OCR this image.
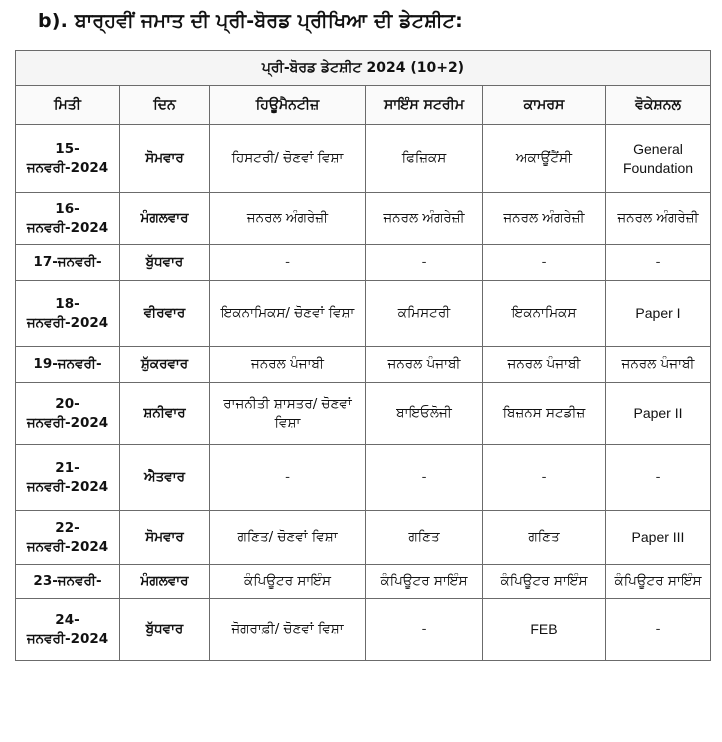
b). ਬਾਰ੍ਹਵੀਂ ਜਮਾਤ ਦੀ ਪ੍ਰੀ-ਬੋਰਡ ਪ੍ਰੀਖਿਆ ਦੀ ਡੇਟਸ਼ੀਟ:
ਪ੍ਰੀ-ਬੋਰਡ ਡੇਟਸ਼ੀਟ 2024 (10+2)					
ਮਿਤੀ	ਦਿਨ	ਹਿਊਮੈਨਟੀਜ਼	ਸਾਇੰਸ ਸਟਰੀਮ	ਕਾਮਰਸ	ਵੋਕੇਸ਼ਨਲ
15-ਜਨਵਰੀ-2024	ਸੋਮਵਾਰ	ਹਿਸਟਰੀ/ ਚੋਣਵਾਂ ਵਿਸ਼ਾ	ਫਿਜ਼ਿਕਸ	ਅਕਾਊਂਟੈਂਸੀ	General Foundation
16-ਜਨਵਰੀ-2024	ਮੰਗਲਵਾਰ	ਜਨਰਲ ਅੰਗਰੇਜ਼ੀ	ਜਨਰਲ ਅੰਗਰੇਜ਼ੀ	ਜਨਰਲ ਅੰਗਰੇਜ਼ੀ	ਜਨਰਲ ਅੰਗਰੇਜ਼ੀ
17-ਜਨਵਰੀ-	ਬੁੱਧਵਾਰ	-	-	-	-
18-ਜਨਵਰੀ-2024	ਵੀਰਵਾਰ	ਇਕਨਾਮਿਕਸ/ ਚੋਣਵਾਂ ਵਿਸ਼ਾ	ਕਮਿਸਟਰੀ	ਇਕਨਾਮਿਕਸ	Paper I
19-ਜਨਵਰੀ-	ਸ਼ੁੱਕਰਵਾਰ	ਜਨਰਲ ਪੰਜਾਬੀ	ਜਨਰਲ ਪੰਜਾਬੀ	ਜਨਰਲ ਪੰਜਾਬੀ	ਜਨਰਲ ਪੰਜਾਬੀ
20-ਜਨਵਰੀ-2024	ਸ਼ਨੀਵਾਰ	ਰਾਜਨੀਤੀ ਸ਼ਾਸਤਰ/ ਚੋਣਵਾਂ ਵਿਸ਼ਾ	ਬਾਇਓਲੋਜੀ	ਬਿਜ਼ਨਸ ਸਟਡੀਜ਼	Paper II
21-ਜਨਵਰੀ-2024	ਐਤਵਾਰ	-	-	-	-
22-ਜਨਵਰੀ-2024	ਸੋਮਵਾਰ	ਗਣਿਤ/ ਚੋਣਵਾਂ ਵਿਸ਼ਾ	ਗਣਿਤ	ਗਣਿਤ	Paper III
23-ਜਨਵਰੀ-	ਮੰਗਲਵਾਰ	ਕੰਪਿਊਟਰ ਸਾਇੰਸ	ਕੰਪਿਊਟਰ ਸਾਇੰਸ	ਕੰਪਿਊਟਰ ਸਾਇੰਸ	ਕੰਪਿਊਟਰ ਸਾਇੰਸ
24-ਜਨਵਰੀ-2024	ਬੁੱਧਵਾਰ	ਜੋਗਰਾਫ਼ੀ/ ਚੋਣਵਾਂ ਵਿਸ਼ਾ	-	FEB	-
